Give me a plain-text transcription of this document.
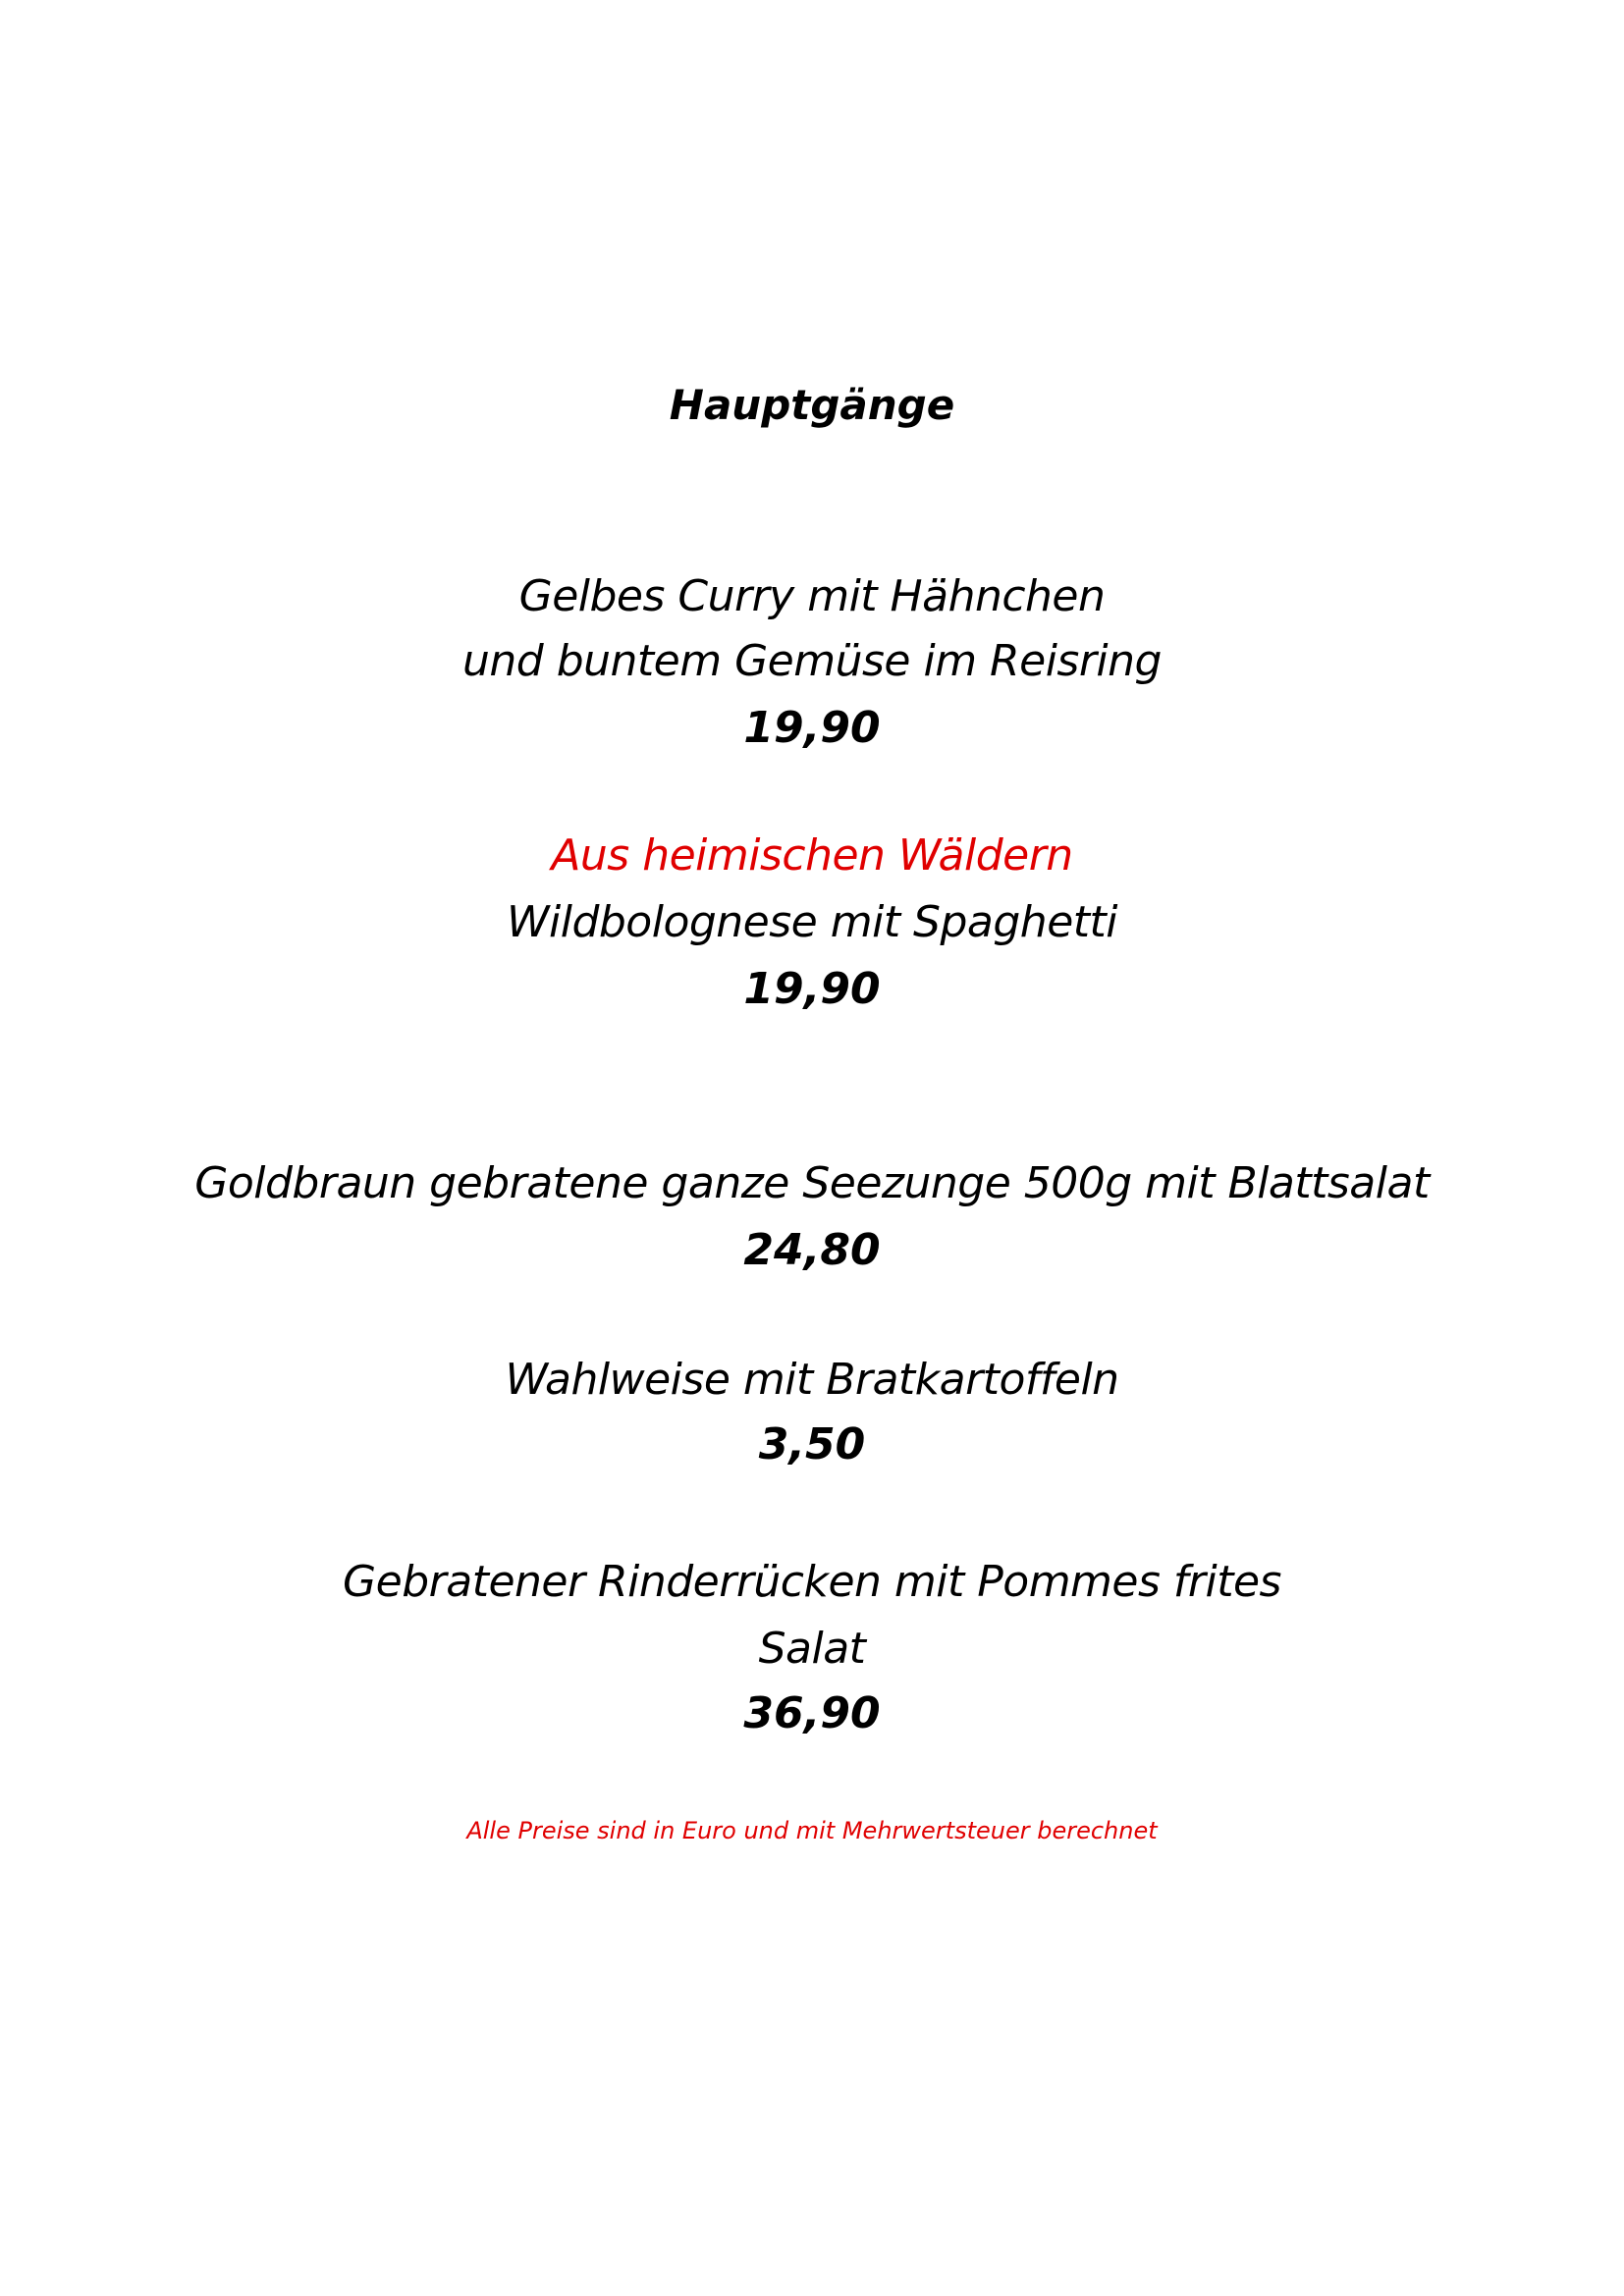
Hauptgänge
Gelbes Curry mit Hähnchen
und buntem Gemüse im Reisring
19,90
Aus heimischen Wäldern
Wildbolognese mit Spaghetti
19,90
Goldbraun gebratene ganze Seezunge 500g mit Blattsalat
24,80
Wahlweise mit Bratkartoffeln
3,50
Gebratener Rinderrücken mit Pommes frites
Salat
36,90
Alle Preise sind in Euro und mit Mehrwertsteuer berechnet
